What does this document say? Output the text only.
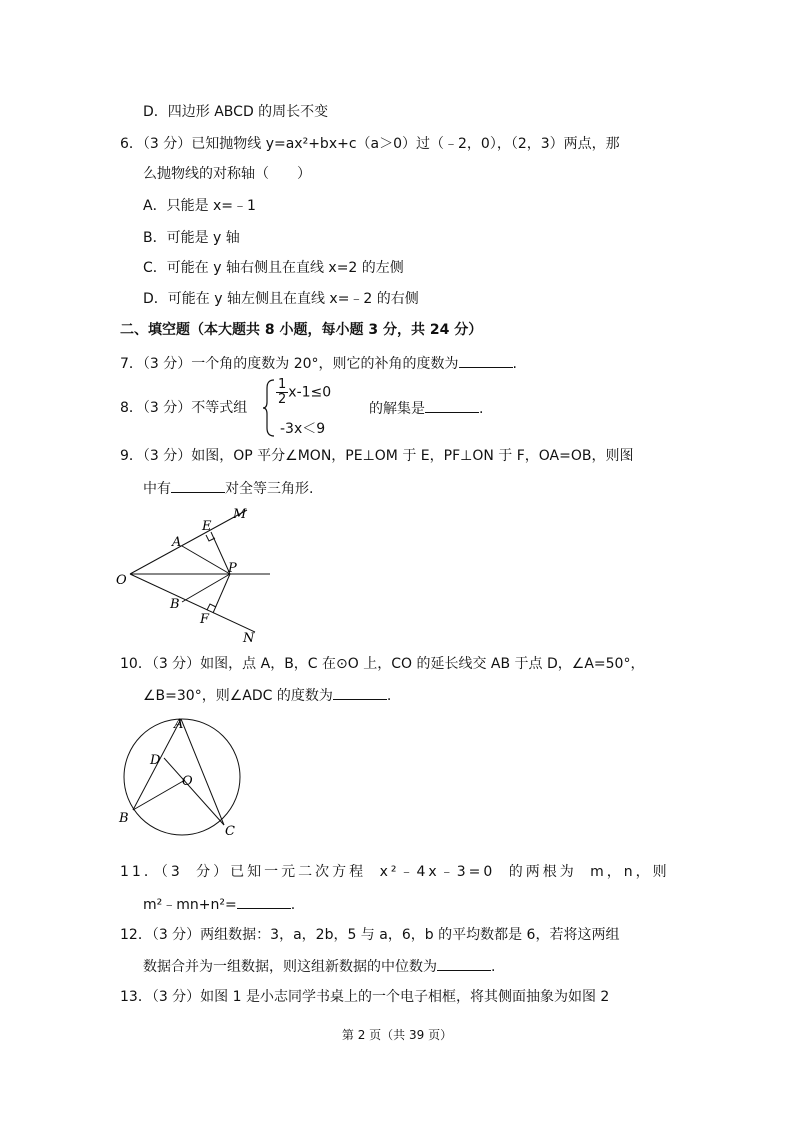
D．四边形 ABCD 的周长不变
6．（3 分）已知抛物线 y=ax²+bx+c（a＞0）过（﹣2，0），（2，3）两点，那
么抛物线的对称轴（　　）
A．只能是 x=﹣1
B．可能是 y 轴
C．可能在 y 轴右侧且在直线 x=2 的左侧
D．可能在 y 轴左侧且在直线 x=﹣2 的右侧
二、填空题（本大题共 8 小题，每小题 3 分，共 24 分）
7．（3 分）一个角的度数为 20°，则它的补角的度数为	.
8．（3 分）不等式组
$\frac{1}{2} x-1\le 0$
-3x＜9
的解集是	.
9．（3 分）如图，OP 平分∠MON，PE⊥OM 于 E，PF⊥ON 于 F，OA=OB，则图
中有	对全等三角形.
O
A
E
M
P
B
F
N
10．（3 分）如图，点 A，B，C 在⊙O 上，CO 的延长线交 AB 于点 D，∠A=50°，
∠B=30°，则∠ADC 的度数为	.
A
D
O
B
C
11．（3 分）已知一元二次方程 x²﹣4x﹣3=0 的两根为 m，n，则
m²﹣mn+n²=	.
12．（3 分）两组数据：3，a，2b，5 与 a，6，b 的平均数都是 6，若将这两组
数据合并为一组数据，则这组新数据的中位数为	.
13．（3 分）如图 1 是小志同学书桌上的一个电子相框，将其侧面抽象为如图 2
第 2 页（共 39 页）
